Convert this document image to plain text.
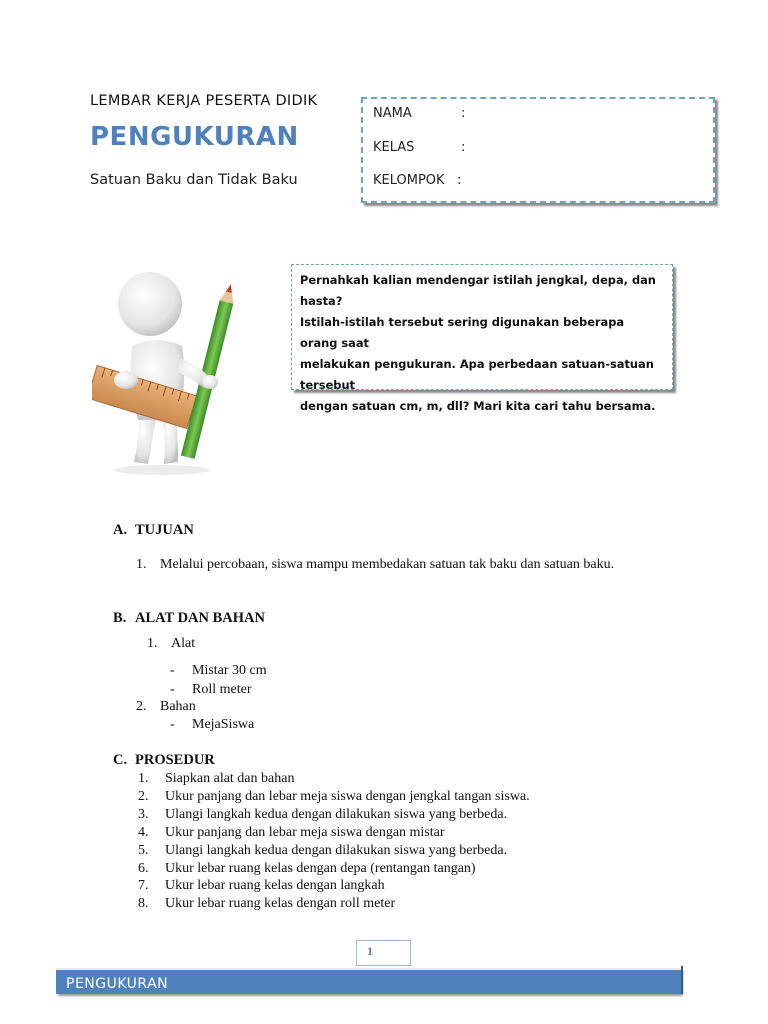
LEMBAR KERJA PESERTA DIDIK
PENGUKURAN
Satuan Baku dan Tidak Baku
NAMA	:
KELAS	:
KELOMPOK :
Pernahkah kalian mendengar istilah jengkal, depa, dan hasta?
Istilah-istilah tersebut sering digunakan beberapa orang saat
melakukan pengukuran. Apa perbedaan satuan-satuan tersebut
dengan satuan cm, m, dll? Mari kita cari tahu bersama.
A. TUJUAN
1. Melalui percobaan, siswa mampu membedakan satuan tak baku dan satuan baku.
B. ALAT DAN BAHAN
1. Alat
- Mistar 30 cm
- Roll meter
2. Bahan
- MejaSiswa
C. PROSEDUR
1. Siapkan alat dan bahan
2. Ukur panjang dan lebar meja siswa dengan jengkal tangan siswa.
3. Ulangi langkah kedua dengan dilakukan siswa yang berbeda.
4. Ukur panjang dan lebar meja siswa dengan mistar
5. Ulangi langkah kedua dengan dilakukan siswa yang berbeda.
6. Ukur lebar ruang kelas dengan depa (rentangan tangan)
7. Ukur lebar ruang kelas dengan langkah
8. Ukur lebar ruang kelas dengan roll meter
1
PENGUKURAN
